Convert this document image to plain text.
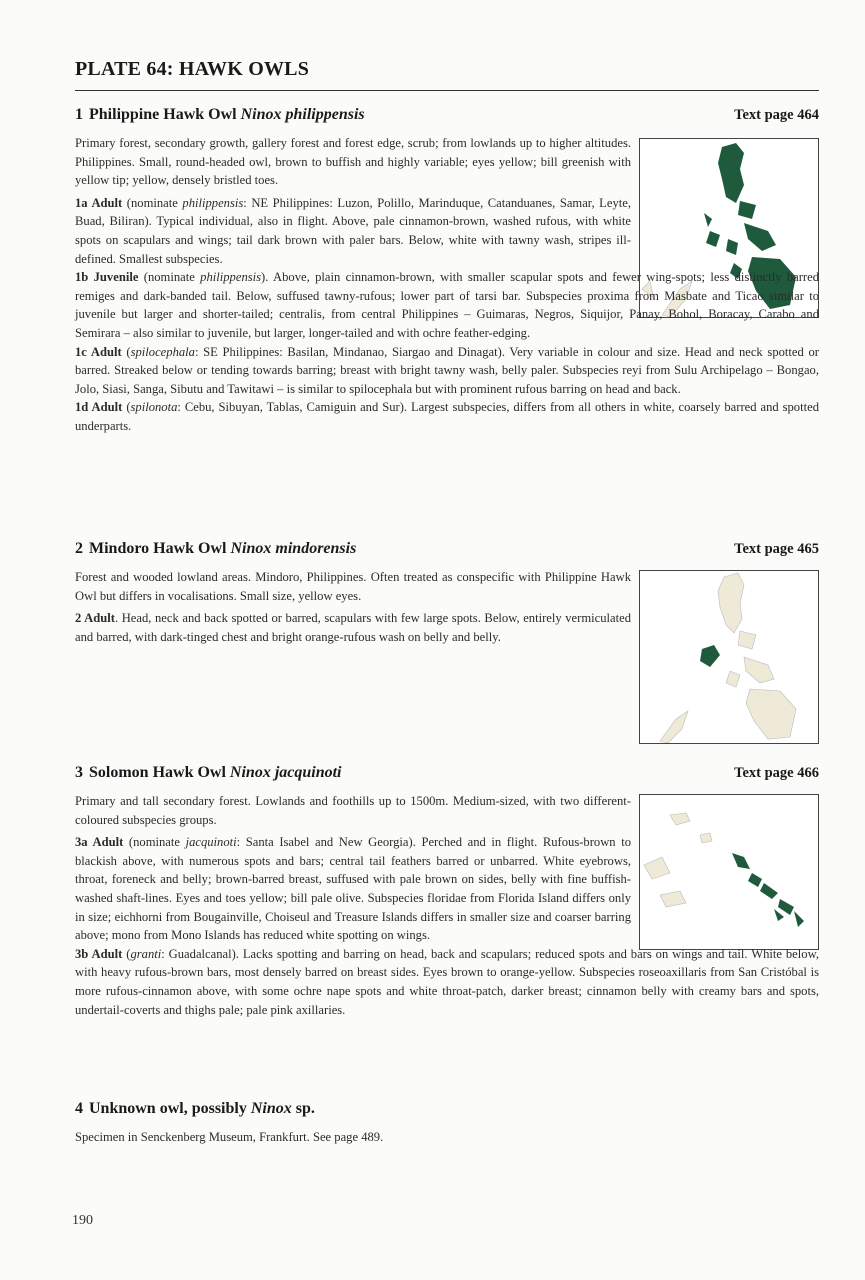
PLATE 64: HAWK OWLS
1 Philippine Hawk Owl Ninox philippensis	Text page 464

Primary forest, secondary growth, gallery forest and forest edge, scrub; from lowlands up to higher altitudes. Philippines. Small, round-headed owl, brown to buffish and highly variable; eyes yellow; bill greenish with yellow tip; yellow, densely bristled toes.

1a Adult (nominate philippensis: NE Philippines: Luzon, Polillo, Marinduque, Catanduanes, Samar, Leyte, Buad, Biliran). Typical individual, also in flight. Above, pale cinnamon-brown, washed rufous, with white spots on scapulars and wings; tail dark brown with paler bars. Below, white with tawny wash, stripes ill-defined. Smallest subspecies.

1b Juvenile (nominate philippensis). Above, plain cinnamon-brown, with smaller scapular spots and fewer wing-spots; less distinctly barred remiges and dark-banded tail. Below, suffused tawny-rufous; lower part of tarsi bar. Subspecies proxima from Masbate and Ticao similar to juvenile but larger and shorter-tailed; centralis, from central Philippines – Guimaras, Negros, Siquijor, Panay, Bohol, Boracay, Carabo and Semirara – also similar to juvenile, but larger, longer-tailed and with ochre feather-edging.

1c Adult (spilocephala: SE Philippines: Basilan, Mindanao, Siargao and Dinagat). Very variable in colour and size. Head and neck spotted or barred. Streaked below or tending towards barring; breast with bright tawny wash, belly paler. Subspecies reyi from Sulu Archipelago – Bongao, Jolo, Siasi, Sanga, Sibutu and Tawitawi – is similar to spilocephala but with prominent rufous barring on head and back.

1d Adult (spilonota: Cebu, Sibuyan, Tablas, Camiguin and Sur). Largest subspecies, differs from all others in white, coarsely barred and spotted underparts.

2 Mindoro Hawk Owl Ninox mindorensis	Text page 465

Forest and wooded lowland areas. Mindoro, Philippines. Often treated as conspecific with Philippine Hawk Owl but differs in vocalisations. Small size, yellow eyes.

2 Adult. Head, neck and back spotted or barred, scapulars with few large spots. Below, entirely vermiculated and barred, with dark-tinged chest and bright orange-rufous wash on belly and belly.

3 Solomon Hawk Owl Ninox jacquinoti	Text page 466

Primary and tall secondary forest. Lowlands and foothills up to 1500m. Medium-sized, with two different-coloured subspecies groups.

3a Adult (nominate jacquinoti: Santa Isabel and New Georgia). Perched and in flight. Rufous-brown to blackish above, with numerous spots and bars; central tail feathers barred or unbarred. White eyebrows, throat, foreneck and belly; brown-barred breast, suffused with pale brown on sides, belly with fine buffish-washed shaft-lines. Eyes and toes yellow; bill pale olive. Subspecies floridae from Florida Island differs only in size; eichhorni from Bougainville, Choiseul and Treasure Islands differs in smaller size and coarser barring above; mono from Mono Islands has reduced white spotting on wings.

3b Adult (granti: Guadalcanal). Lacks spotting and barring on head, back and scapulars; reduced spots and bars on wings and tail. White below, with heavy rufous-brown bars, most densely barred on breast sides. Eyes brown to orange-yellow. Subspecies roseoaxillaris from San Cristóbal is more rufous-cinnamon above, with some ochre nape spots and white throat-patch, darker breast; cinnamon belly with creamy bars and spots, undertail-coverts and thighs pale; pale pink axillaries.

4 Unknown owl, possibly Ninox sp.

Specimen in Senckenberg Museum, Frankfurt. See page 489.

190
